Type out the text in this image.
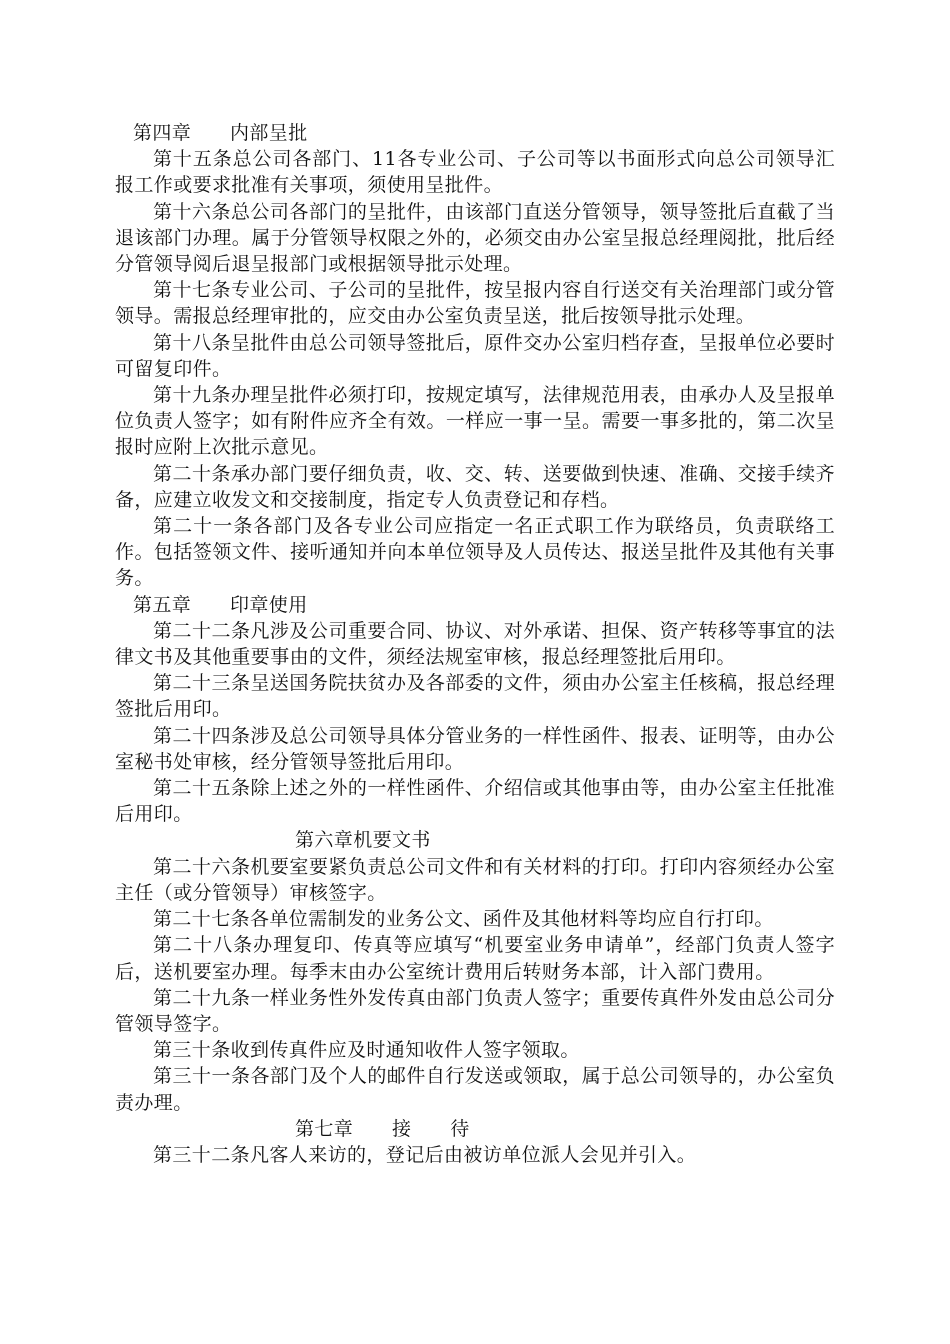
第四章　　内部呈批

第十五条总公司各部门、11各专业公司、子公司等以书面形式向总公司领导汇报工作或要求批准有关事项，须使用呈批件。

第十六条总公司各部门的呈批件，由该部门直送分管领导，领导签批后直截了当退该部门办理。属于分管领导权限之外的，必须交由办公室呈报总经理阅批，批后经分管领导阅后退呈报部门或根据领导批示处理。

第十七条专业公司、子公司的呈批件，按呈报内容自行送交有关治理部门或分管领导。需报总经理审批的，应交由办公室负责呈送，批后按领导批示处理。

第十八条呈批件由总公司领导签批后，原件交办公室归档存查，呈报单位必要时可留复印件。

第十九条办理呈批件必须打印，按规定填写，法律规范用表，由承办人及呈报单位负责人签字；如有附件应齐全有效。一样应一事一呈。需要一事多批的，第二次呈报时应附上次批示意见。

第二十条承办部门要仔细负责，收、交、转、送要做到快速、准确、交接手续齐备，应建立收发文和交接制度，指定专人负责登记和存档。

第二十一条各部门及各专业公司应指定一名正式职工作为联络员，负责联络工作。包括签领文件、接听通知并向本单位领导及人员传达、报送呈批件及其他有关事务。

第五章　　印章使用

第二十二条凡涉及公司重要合同、协议、对外承诺、担保、资产转移等事宜的法律文书及其他重要事由的文件，须经法规室审核，报总经理签批后用印。

第二十三条呈送国务院扶贫办及各部委的文件，须由办公室主任核稿，报总经理签批后用印。

第二十四条涉及总公司领导具体分管业务的一样性函件、报表、证明等，由办公室秘书处审核，经分管领导签批后用印。

第二十五条除上述之外的一样性函件、介绍信或其他事由等，由办公室主任批准后用印。

第六章机要文书

第二十六条机要室要紧负责总公司文件和有关材料的打印。打印内容须经办公室主任（或分管领导）审核签字。

第二十七条各单位需制发的业务公文、函件及其他材料等均应自行打印。

第二十八条办理复印、传真等应填写“机要室业务申请单”，经部门负责人签字后，送机要室办理。每季末由办公室统计费用后转财务本部，计入部门费用。

第二十九条一样业务性外发传真由部门负责人签字；重要传真件外发由总公司分管领导签字。

第三十条收到传真件应及时通知收件人签字领取。

第三十一条各部门及个人的邮件自行发送或领取，属于总公司领导的，办公室负责办理。

第七章　　接　　待

第三十二条凡客人来访的，登记后由被访单位派人会见并引入。
